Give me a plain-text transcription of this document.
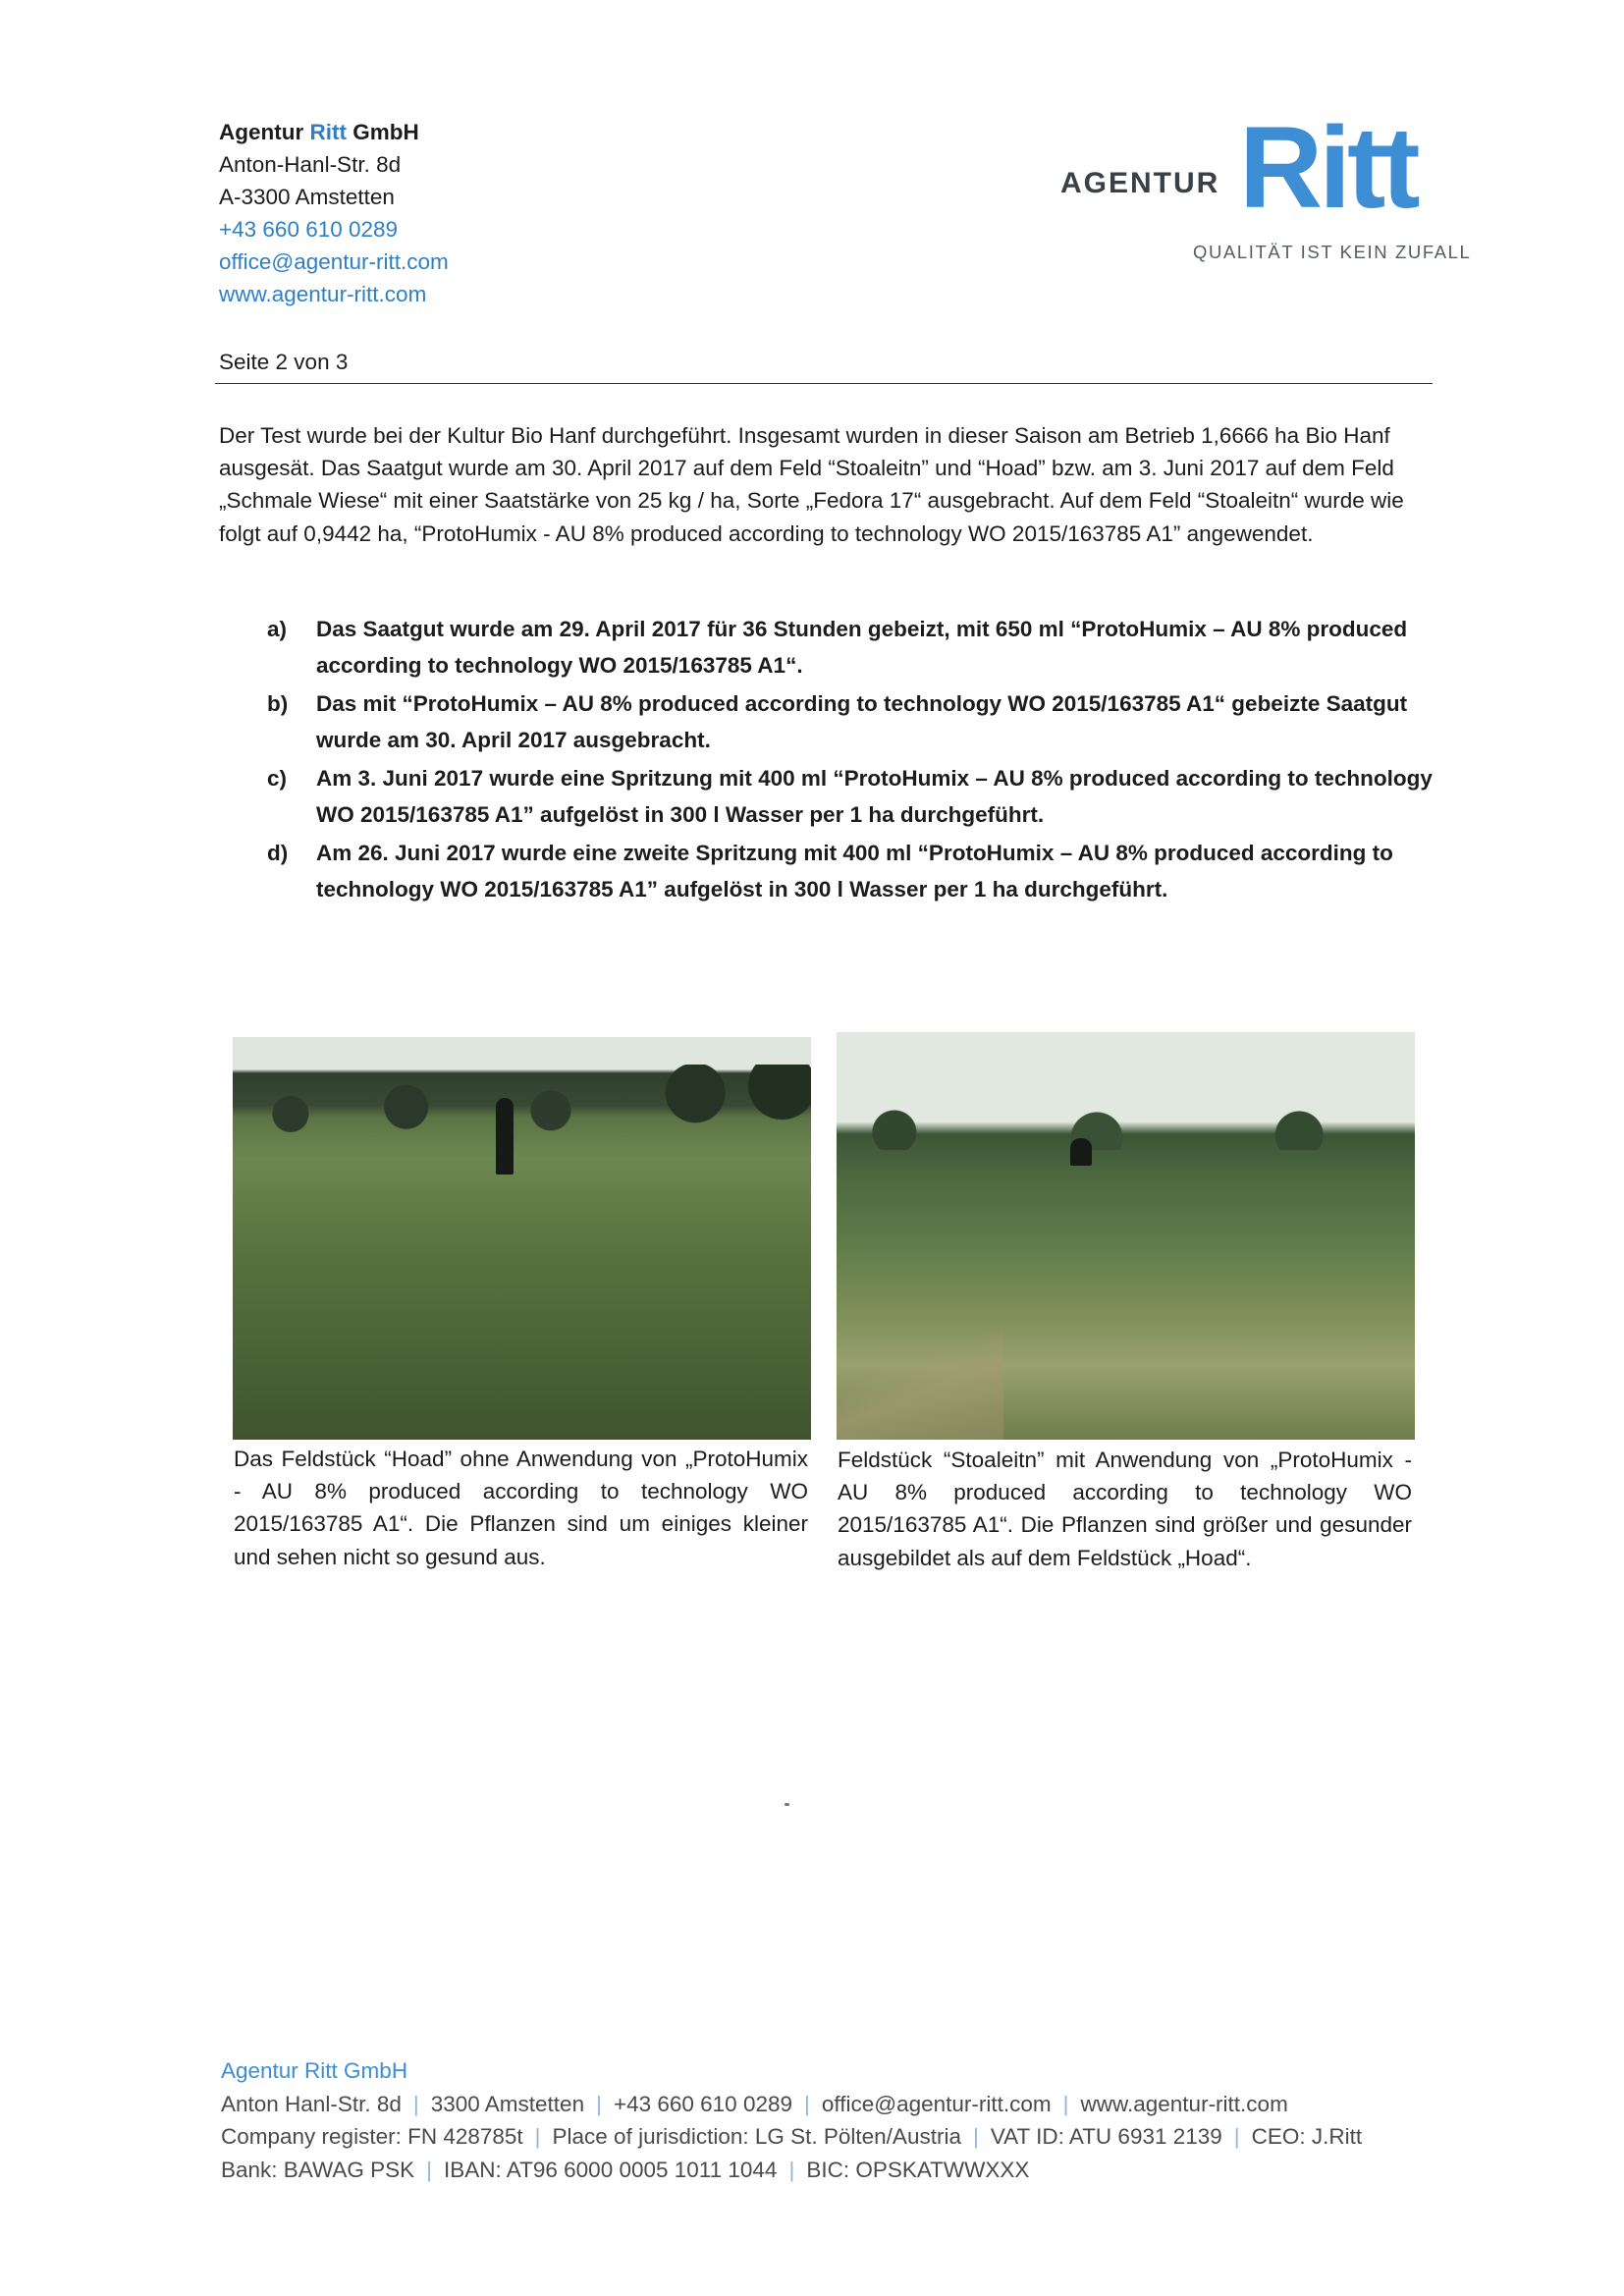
Agentur Ritt GmbH
Anton-Hanl-Str. 8d
A-3300 Amstetten
+43 660 610 0289
office@agentur-ritt.com
www.agentur-ritt.com
AGENTUR Ritt
QUALITÄT IST KEIN ZUFALL
Seite 2 von 3

Der Test wurde bei der Kultur Bio Hanf durchgeführt. Insgesamt wurden in dieser Saison am Betrieb 1,6666 ha Bio Hanf ausgesät. Das Saatgut wurde am 30. April 2017 auf dem Feld “Stoaleitn” und “Hoad” bzw. am 3. Juni 2017 auf dem Feld „Schmale Wiese“ mit einer Saatstärke von 25 kg / ha, Sorte „Fedora 17“ ausgebracht. Auf dem Feld “Stoaleitn“ wurde wie folgt auf 0,9442 ha, “ProtoHumix - AU 8% produced according to technology WO 2015/163785 A1” angewendet.

a) Das Saatgut wurde am 29. April 2017 für 36 Stunden gebeizt, mit 650 ml “ProtoHumix – AU 8% produced according to technology WO 2015/163785 A1“.
b) Das mit “ProtoHumix – AU 8% produced according to technology WO 2015/163785 A1“ gebeizte Saatgut wurde am 30. April 2017 ausgebracht.
c) Am 3. Juni 2017 wurde eine Spritzung mit 400 ml “ProtoHumix – AU 8% produced according to technology WO 2015/163785 A1” aufgelöst in 300 l Wasser per 1 ha durchgeführt.
d) Am 26. Juni 2017 wurde eine zweite Spritzung mit 400 ml “ProtoHumix – AU 8% produced according to technology WO 2015/163785 A1” aufgelöst in 300 l Wasser per 1 ha durchgeführt.
Das Feldstück “Hoad” ohne Anwendung von „ProtoHumix - AU 8% produced according to technology WO 2015/163785 A1“. Die Pflanzen sind um einiges kleiner und sehen nicht so gesund aus.
Feldstück “Stoaleitn” mit Anwendung von „ProtoHumix - AU 8% produced according to technology WO 2015/163785 A1“. Die Pflanzen sind größer und gesunder ausgebildet als auf dem Feldstück „Hoad“.
Agentur Ritt GmbH
Anton Hanl-Str. 8d | 3300 Amstetten | +43 660 610 0289 | office@agentur-ritt.com | www.agentur-ritt.com
Company register: FN 428785t | Place of jurisdiction: LG St. Pölten/Austria | VAT ID: ATU 6931 2139 | CEO: J.Ritt
Bank: BAWAG PSK | IBAN: AT96 6000 0005 1011 1044 | BIC: OPSKATWWXXX
